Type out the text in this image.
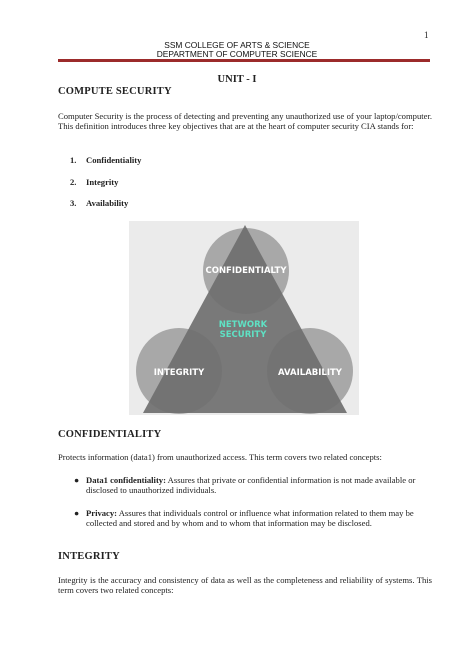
1
SSM COLLEGE OF ARTS & SCIENCE
DEPARTMENT OF COMPUTER SCIENCE
UNIT - I
COMPUTE SECURITY
Computer Security is the process of detecting and preventing any unauthorized use of your laptop/computer. This definition introduces three key objectives that are at the heart of computer security CIA stands for:
1. Confidentiality
2. Integrity
3. Availability
CONFIDENTIALTY
INTEGRITY	AVAILABILITY
NETWORK
SECURITY
CONFIDENTIALITY
Protects information (data1) from unauthorized access. This term covers two related concepts:
● Data1 confidentiality: Assures that private or confidential information is not made available or disclosed to unauthorized individuals.
● Privacy: Assures that individuals control or influence what information related to them may be collected and stored and by whom and to whom that information may be disclosed.
INTEGRITY
Integrity is the accuracy and consistency of data as well as the completeness and reliability of systems. This term covers two related concepts:
